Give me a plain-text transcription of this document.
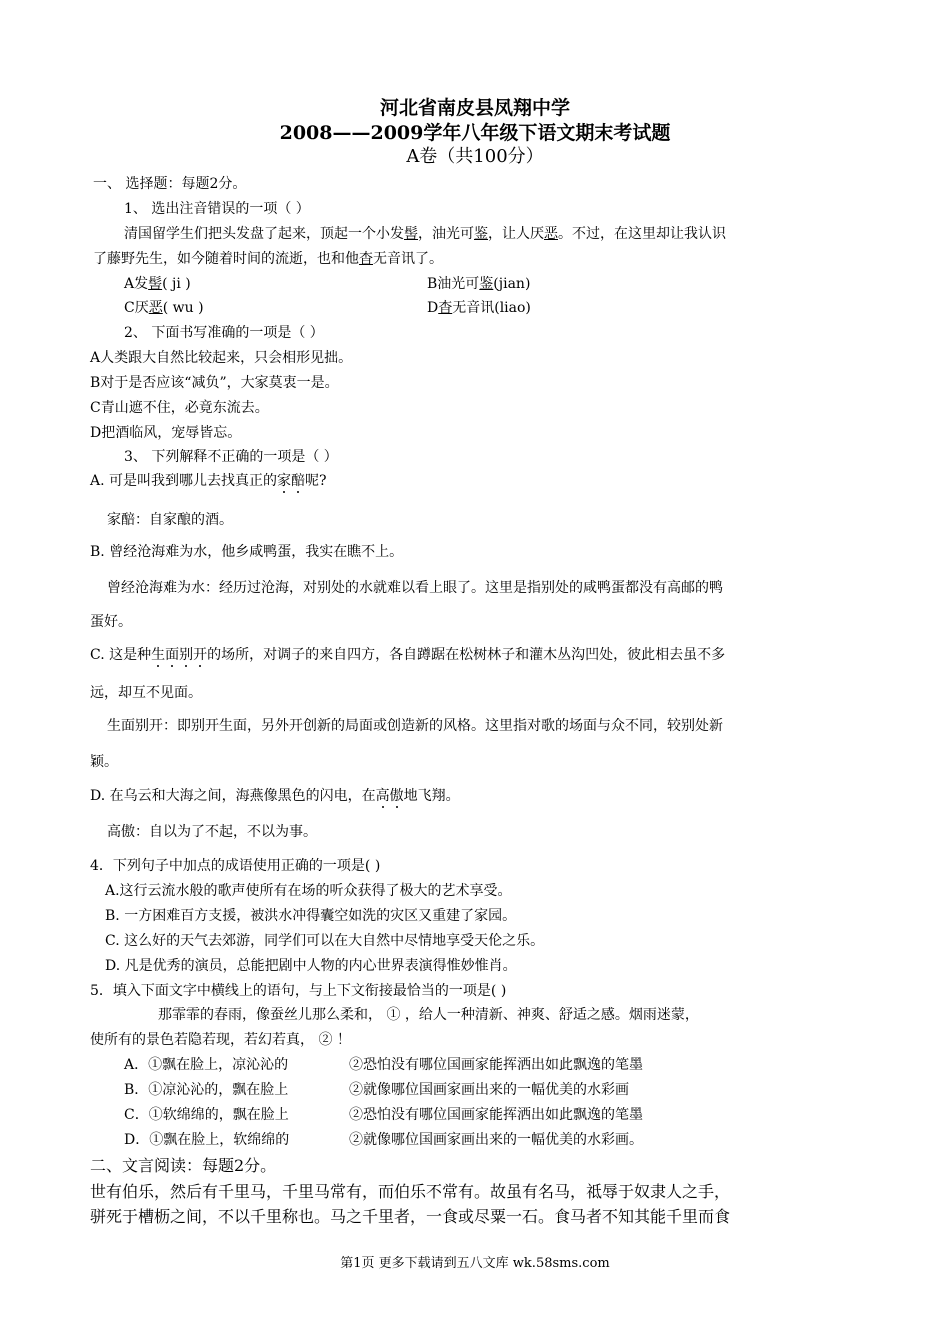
河北省南皮县凤翔中学
2008——2009学年八年级下语文期末考试题
A卷（共100分）
一、 选择题：每题2分。
1、 选出注音错误的一项（ ）
清国留学生们把头发盘了起来，顶起一个小发髻，油光可鉴，让人厌恶。不过，在这里却让我认识
了藤野先生，如今随着时间的流逝，也和他杳无音讯了。
A发髻( ji )	B油光可鉴(jian)
C厌恶( wu )	D杳无音讯(liao)
2、 下面书写准确的一项是（ ）
A人类跟大自然比较起来，只会相形见拙。
B对于是否应该“减负”，大家莫衷一是。
C青山遮不住，必竟东流去。
D把酒临风，宠辱皆忘。
3、 下列解释不正确的一项是（ ）
A. 可是叫我到哪儿去找真正的家醅呢?
家醅：自家酿的酒。
B. 曾经沧海难为水，他乡咸鸭蛋，我实在瞧不上。
曾经沧海难为水：经历过沧海，对别处的水就难以看上眼了。这里是指别处的咸鸭蛋都没有高邮的鸭
蛋好。
C. 这是种生面别开的场所，对调子的来自四方，各自蹲踞在松树林子和灌木丛沟凹处，彼此相去虽不多
远，却互不见面。
生面别开：即别开生面，另外开创新的局面或创造新的风格。这里指对歌的场面与众不同，较别处新
颖。
D. 在乌云和大海之间，海燕像黑色的闪电，在高傲地飞翔。
高傲：自以为了不起，不以为事。
4．下列句子中加点的成语使用正确的一项是( )
A.这行云流水般的歌声使所有在场的听众获得了极大的艺术享受。
B. 一方困难百方支援，被洪水冲得囊空如洗的灾区又重建了家园。
C. 这么好的天气去郊游，同学们可以在大自然中尽情地享受天伦之乐。
D. 凡是优秀的演员，总能把剧中人物的内心世界表演得惟妙惟肖。
5．填入下面文字中横线上的语句，与上下文衔接最恰当的一项是( )
那霏霏的春雨，像蚕丝儿那么柔和， ① ，给人一种清新、神爽、舒适之感。烟雨迷蒙，
使所有的景色若隐若现，若幻若真， ② ！
A．①飘在脸上，凉沁沁的	②恐怕没有哪位国画家能挥洒出如此飘逸的笔墨
B．①凉沁沁的，飘在脸上	②就像哪位国画家画出来的一幅优美的水彩画
C．①软绵绵的，飘在脸上	②恐怕没有哪位国画家能挥洒出如此飘逸的笔墨
D．①飘在脸上，软绵绵的	②就像哪位国画家画出来的一幅优美的水彩画。
二、文言阅读：每题2分。
世有伯乐，然后有千里马，千里马常有，而伯乐不常有。故虽有名马，祗辱于奴隶人之手，
骈死于槽枥之间，不以千里称也。马之千里者，一食或尽粟一石。食马者不知其能千里而食
第1页 更多下载请到五八文库 wk.58sms.com
